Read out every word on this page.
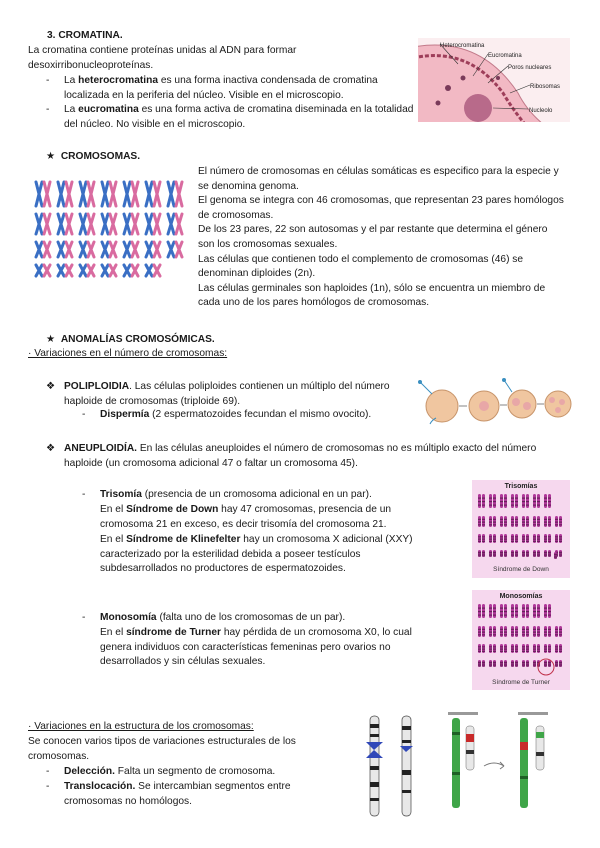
3. CROMATINA.

La cromatina contiene proteínas unidas al ADN para formar desoxirribonucleoproteínas.

- La heterocromatina es una forma inactiva condensada de cromatina localizada en la periferia del núcleo. Visible en el microscopio.
- La eucromatina es una forma activa de cromatina diseminada en la totalidad del núcleo. No visible en el microscopio.
Heterocromatina
Eucromatina
Poros nucleares
Ribosomas
Nucleolo
★ CROMOSOMAS.

El número de cromosomas en células somáticas es especifico para la especie y se denomina genoma.

El genoma se integra con 46 cromosomas, que representan 23 pares homólogos de cromosomas.

De los 23 pares, 22 son autosomas y el par restante que determina el género son los cromosomas sexuales.

Las células que contienen todo el complemento de cromosomas (46) se denominan diploides (2n).

Las células germinales son haploides (1n), sólo se encuentra un miembro de cada uno de los pares homólogos de cromosomas.

★ ANOMALÍAS CROMOSÓMICAS.
· Variaciones en el número de cromosomas:
❖ POLIPLOIDIA. Las células poliploides contienen un múltiplo del número haploide de cromosomas (triploide 69).
- Dispermía (2 espermatozoides fecundan el mismo ovocito).
❖ ANEUPLOIDÍA. En las células aneuploides el número de cromosomas no es múltiplo exacto del número haploide (un cromosoma adicional 47 o faltar un cromosoma 45).
- Trisomía (presencia de un cromosoma adicional en un par).
En el Síndrome de Down hay 47 cromosomas, presencia de un cromosoma 21 en exceso, es decir trisomía del cromosoma 21.
En el Síndrome de Klinefelter hay un cromosoma X adicional (XXY) caracterizado por la esterilidad debida a poseer testículos subdesarrollados no productores de espermatozoides.
Trisomías
Síndrome de Down
- Monosomía (falta uno de los cromosomas de un par).
En el síndrome de Turner hay pérdida de un cromosoma X0, lo cual genera individuos con características femeninas pero ovarios no desarrollados y sin células sexuales.
Monosomías
Síndrome de Turner
· Variaciones en la estructura de los cromosomas:

Se conocen varios tipos de variaciones estructurales de los cromosomas.

- Delección. Falta un segmento de cromosoma.
- Translocación. Se intercambian segmentos entre cromosomas no homólogos.
